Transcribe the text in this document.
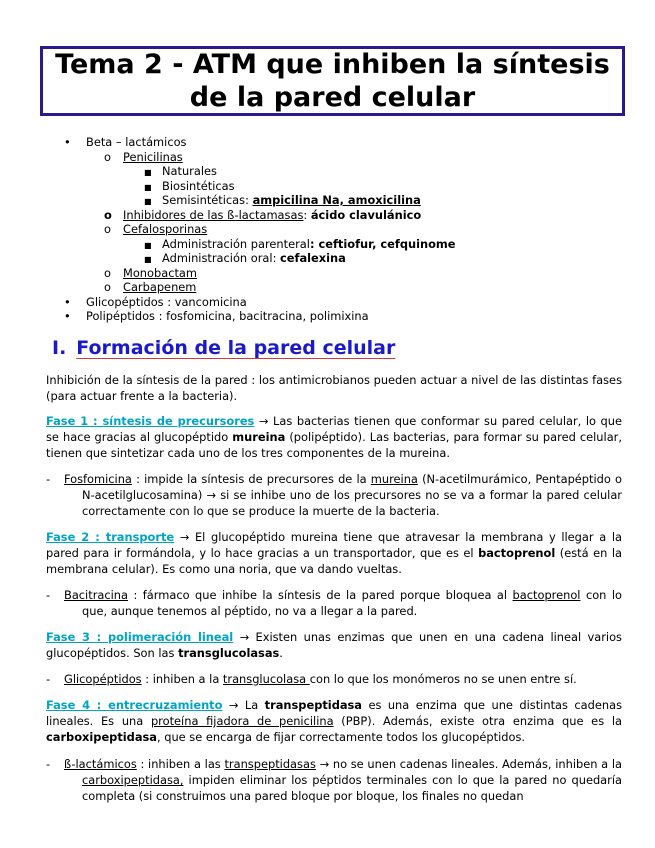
Tema 2 - ATM que inhiben la síntesis de la pared celular
• Beta – lactámicos
o Penicilinas
■ Naturales
■ Biosintéticas
■ Semisintéticas: ampicilina Na, amoxicilina
o Inhibidores de las ß-lactamasas: ácido clavulánico
o Cefalosporinas
■ Administración parenteral: ceftiofur, cefquinome
■ Administración oral: cefalexina
o Monobactam
o Carbapenem
• Glicopéptidos : vancomicina
• Polipéptidos : fosfomicina, bacitracina, polimixina
I. Formación de la pared celular
Inhibición de la síntesis de la pared : los antimicrobianos pueden actuar a nivel de las distintas fases (para actuar frente a la bacteria).
Fase 1 : síntesis de precursores → Las bacterias tienen que conformar su pared celular, lo que se hace gracias al glucopéptido mureina (polipéptido). Las bacterias, para formar su pared celular, tienen que sintetizar cada uno de los tres componentes de la mureina.
- Fosfomicina : impide la síntesis de precursores de la mureina (N-acetilmurámico, Pentapéptido o N-acetilglucosamina) → si se inhibe uno de los precursores no se va a formar la pared celular correctamente con lo que se produce la muerte de la bacteria.
Fase 2 : transporte → El glucopéptido mureina tiene que atravesar la membrana y llegar a la pared para ir formándola, y lo hace gracias a un transportador, que es el bactoprenol (está en la membrana celular). Es como una noria, que va dando vueltas.
- Bacitracina : fármaco que inhibe la síntesis de la pared porque bloquea al bactoprenol con lo que, aunque tenemos al péptido, no va a llegar a la pared.
Fase 3 : polimeración lineal → Existen unas enzimas que unen en una cadena lineal varios glucopéptidos. Son las transglucolasas.
- Glicopéptidos : inhiben a la transglucolasa con lo que los monómeros no se unen entre sí.
Fase 4 : entrecruzamiento → La transpeptidasa es una enzima que une distintas cadenas lineales. Es una proteína fijadora de penicilina (PBP). Además, existe otra enzima que es la carboxipeptidasa, que se encarga de fijar correctamente todos los glucopéptidos.
- ß-lactámicos : inhiben a las transpeptidasas → no se unen cadenas lineales. Además, inhiben a la carboxipeptidasa, impiden eliminar los péptidos terminales con lo que la pared no quedaría completa (si construimos una pared bloque por bloque, los finales no quedan
